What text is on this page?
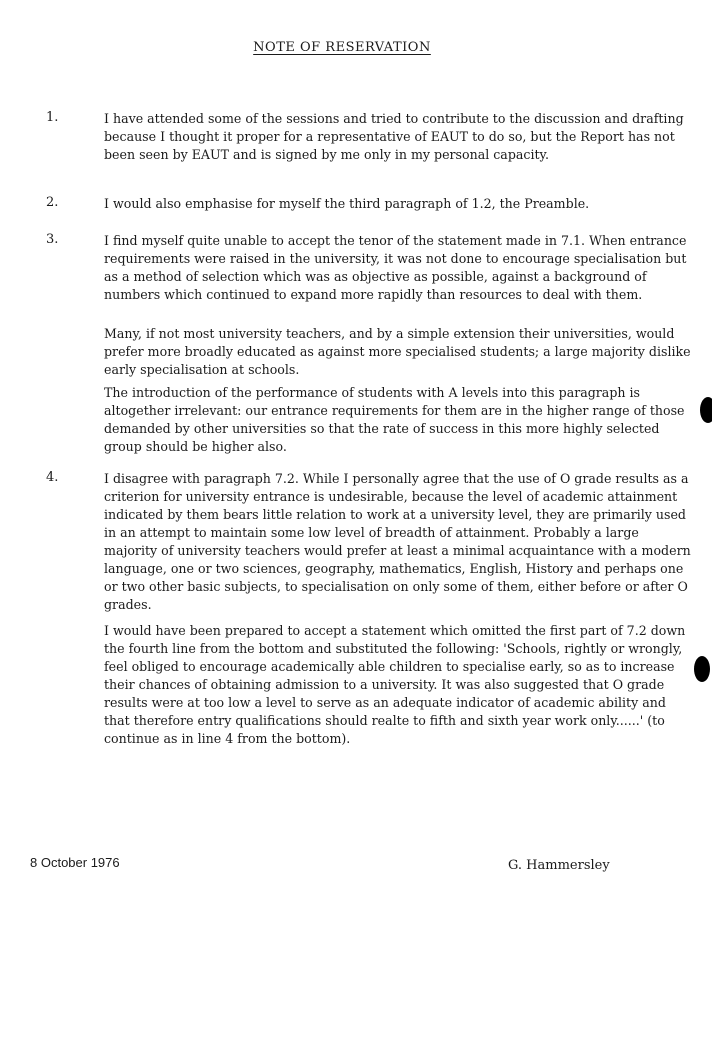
NOTE OF RESERVATION
1.	I have attended some of the sessions and tried to contribute to the discussion and drafting because I thought it proper for a representative of EAUT to do so, but the Report has not been seen by EAUT and is signed by me only in my personal capacity.

2.	I would also emphasise for myself the third paragraph of 1.2, the Preamble.

3.	I find myself quite unable to accept the tenor of the statement made in 7.1. When entrance requirements were raised in the university, it was not done to encourage specialisation but as a method of selection which was as objective as possible, against a background of numbers which continued to expand more rapidly than resources to deal with them.

Many, if not most university teachers, and by a simple extension their universities, would prefer more broadly educated as against more specialised students; a large majority dislike early specialisation at schools.

The introduction of the performance of students with A levels into this paragraph is altogether irrelevant: our entrance requirements for them are in the higher range of those demanded by other universities so that the rate of success in this more highly selected group should be higher also.

4.	I disagree with paragraph 7.2. While I personally agree that the use of O grade results as a criterion for university entrance is undesirable, because the level of academic attainment indicated by them bears little relation to work at a university level, they are primarily used in an attempt to maintain some low level of breadth of attainment. Probably a large majority of university teachers would prefer at least a minimal acquaintance with a modern language, one or two sciences, geography, mathematics, English, History and perhaps one or two other basic subjects, to specialisation on only some of them, either before or after O grades.

I would have been prepared to accept a statement which omitted the first part of 7.2 down the fourth line from the bottom and substituted the following: 'Schools, rightly or wrongly, feel obliged to encourage academically able children to specialise early, so as to increase their chances of obtaining admission to a university. It was also suggested that O grade results were at too low a level to serve as an adequate indicator of academic ability and that therefore entry qualifications should realte to fifth and sixth year work only......' (to continue as in line 4 from the bottom).

8 October 1976	G. Hammersley
